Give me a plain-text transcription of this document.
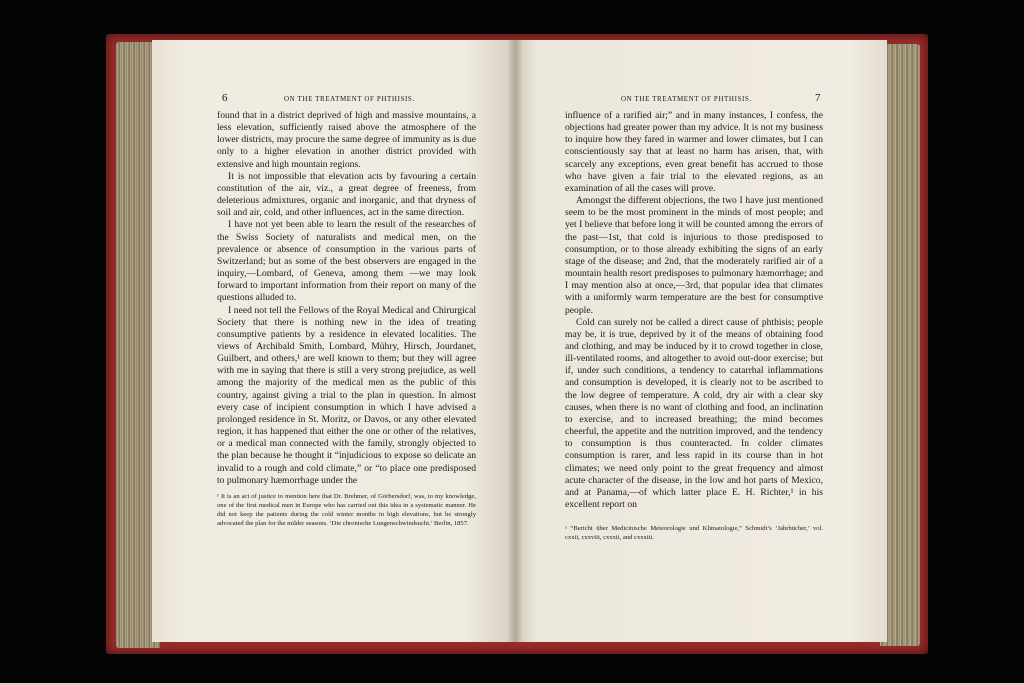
6	ON THE TREATMENT OF PHTHISIS.

found that in a district deprived of high and massive mountains, a less elevation, sufficiently raised above the atmosphere of the lower districts, may procure the same degree of immunity as is due only to a higher elevation in another district provided with extensive and high mountain regions.

It is not impossible that elevation acts by favouring a certain constitution of the air, viz., a great degree of freeness, from deleterious admixtures, organic and inorganic, and that dryness of soil and air, cold, and other influences, act in the same direction.

I have not yet been able to learn the result of the researches of the Swiss Society of naturalists and medical men, on the prevalence or absence of consumption in the various parts of Switzerland; but as some of the best observers are engaged in the inquiry,—Lombard, of Geneva, among them —we may look forward to important information from their report on many of the questions alluded to.

I need not tell the Fellows of the Royal Medical and Chirurgical Society that there is nothing new in the idea of treating consumptive patients by a residence in elevated localities. The views of Archibald Smith, Lombard, Mühry, Hirsch, Jourdanet, Guilbert, and others,¹ are well known to them; but they will agree with me in saying that there is still a very strong prejudice, as well among the majority of the medical men as the public of this country, against giving a trial to the plan in question. In almost every case of incipient consumption in which I have advised a prolonged residence in St. Moritz, or Davos, or any other elevated region, it has happened that either the one or other of the relatives, or a medical man connected with the family, strongly objected to the plan because he thought it “injudicious to expose so delicate an invalid to a rough and cold climate,” or “to place one predisposed to pulmonary hæmorrhage under the

¹ It is an act of justice to mention here that Dr. Brehmer, of Görbersdorf, was, to my knowledge, one of the first medical men in Europe who has carried out this idea in a systematic manner. He did not keep the patients during the cold winter months in high elevations, but he strongly advocated the plan for the milder seasons. ‘Die chronische Lungenschwindsucht.’ Berlin, 1857.
ON THE TREATMENT OF PHTHISIS.	7

influence of a rarified air;” and in many instances, I confess, the objections had greater power than my advice. It is not my business to inquire how they fared in warmer and lower climates, but I can conscientiously say that at least no harm has arisen, that, with scarcely any exceptions, even great benefit has accrued to those who have given a fair trial to the elevated regions, as an examination of all the cases will prove.

Amongst the different objections, the two I have just mentioned seem to be the most prominent in the minds of most people; and yet I believe that before long it will be counted among the errors of the past—1st, that cold is injurious to those predisposed to consumption, or to those already exhibiting the signs of an early stage of the disease; and 2nd, that the moderately rarified air of a mountain health resort predisposes to pulmonary hæmorrhage; and I may mention also at once,—3rd, that popular idea that climates with a uniformly warm temperature are the best for consumptive people.

Cold can surely not be called a direct cause of phthisis; people may be, it is true, deprived by it of the means of obtaining food and clothing, and may be induced by it to crowd together in close, ill-ventilated rooms, and altogether to avoid out-door exercise; but if, under such conditions, a tendency to catarrhal inflammations and consumption is developed, it is clearly not to be ascribed to the low degree of temperature. A cold, dry air with a clear sky causes, when there is no want of clothing and food, an inclination to exercise, and to increased breathing; the mind becomes cheerful, the appetite and the nutrition improved, and the tendency to consumption is thus counteracted. In colder climates consumption is rarer, and less rapid in its course than in hot climates; we need only point to the great frequency and almost acute character of the disease, in the low and hot parts of Mexico, and at Panama,—of which latter place E. H. Richter,¹ in his excellent report on

¹ “Bericht über Medicinische Meteorologie und Klimatologie,” Schmidt’s ‘Jahrbücher,’ vol. cxxii, cxxviii, cxxxii, and cxxxiii.
